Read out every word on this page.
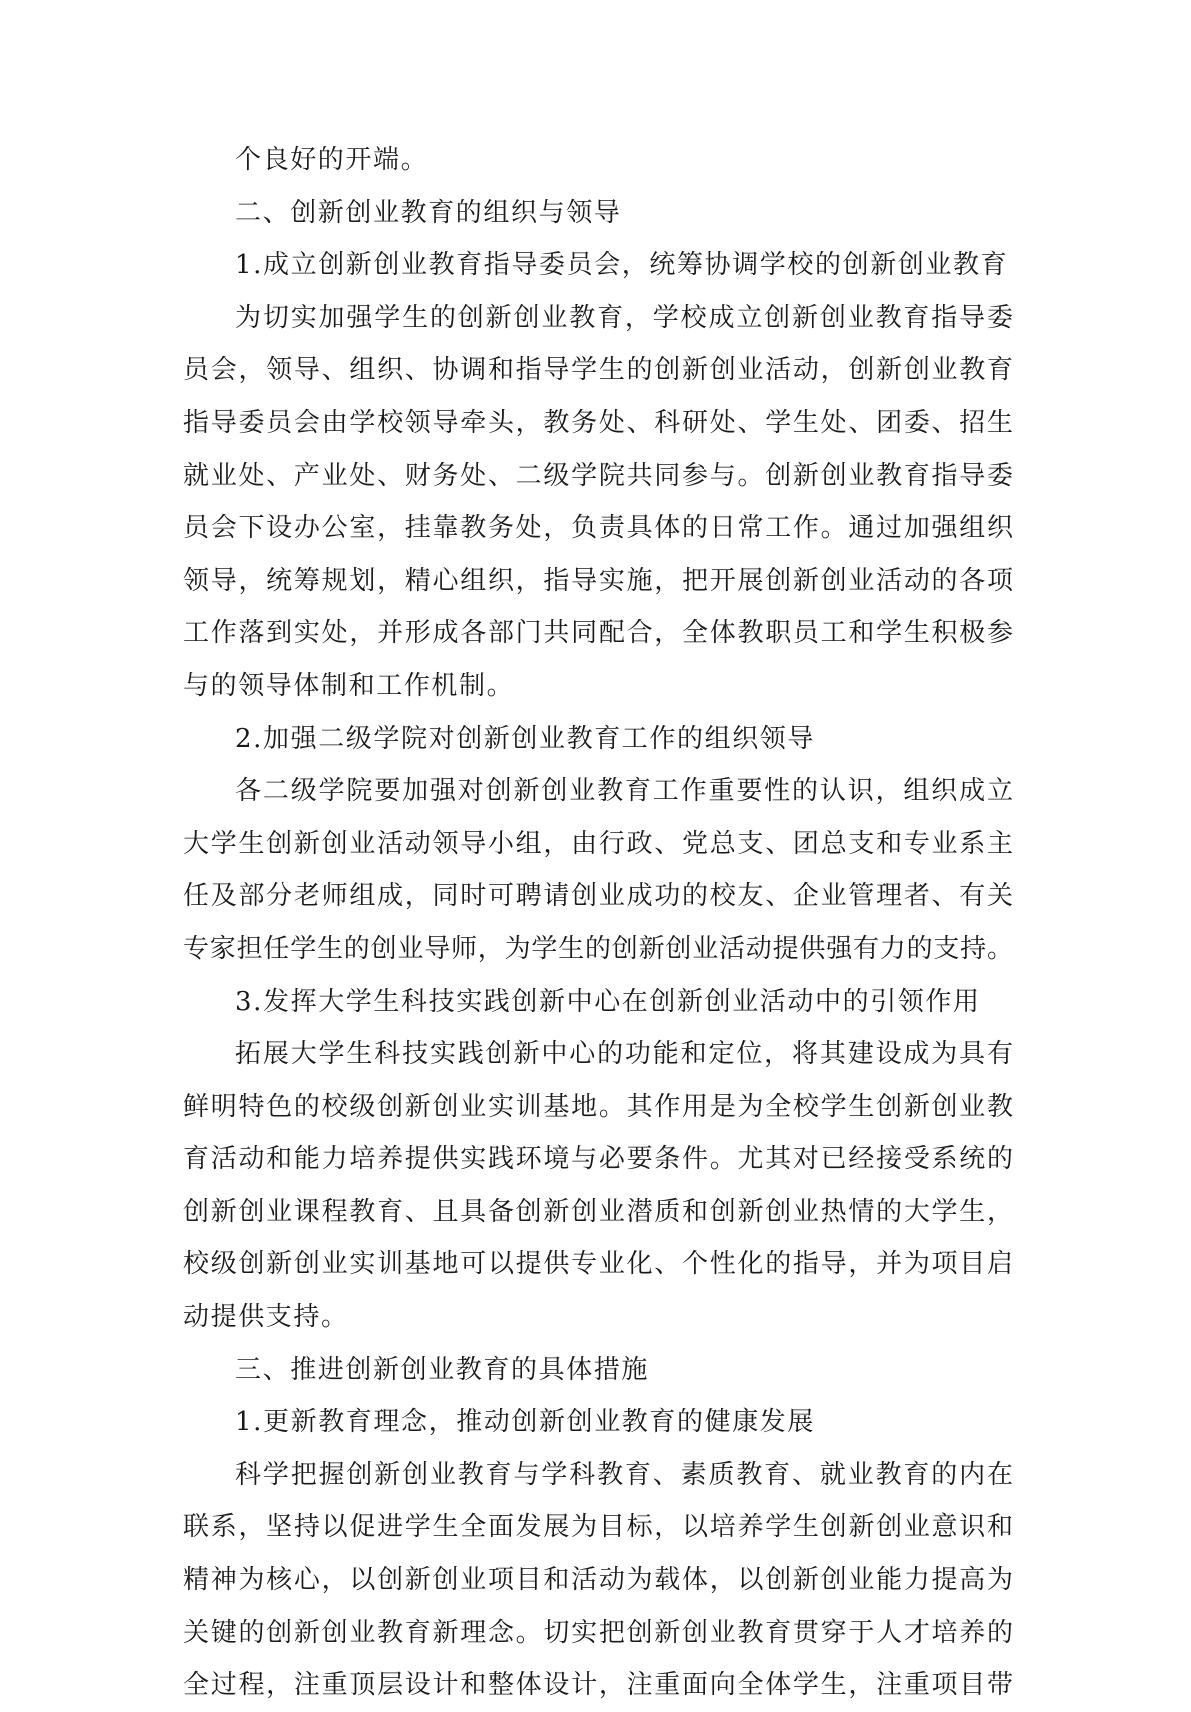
个良好的开端。
二、创新创业教育的组织与领导
1.成立创新创业教育指导委员会，统筹协调学校的创新创业教育
为切实加强学生的创新创业教育，学校成立创新创业教育指导委
员会，领导、组织、协调和指导学生的创新创业活动，创新创业教育
指导委员会由学校领导牵头，教务处、科研处、学生处、团委、招生
就业处、产业处、财务处、二级学院共同参与。创新创业教育指导委
员会下设办公室，挂靠教务处，负责具体的日常工作。通过加强组织
领导，统筹规划，精心组织，指导实施，把开展创新创业活动的各项
工作落到实处，并形成各部门共同配合，全体教职员工和学生积极参
与的领导体制和工作机制。
2.加强二级学院对创新创业教育工作的组织领导
各二级学院要加强对创新创业教育工作重要性的认识，组织成立
大学生创新创业活动领导小组，由行政、党总支、团总支和专业系主
任及部分老师组成，同时可聘请创业成功的校友、企业管理者、有关
专家担任学生的创业导师，为学生的创新创业活动提供强有力的支持。
3.发挥大学生科技实践创新中心在创新创业活动中的引领作用
拓展大学生科技实践创新中心的功能和定位，将其建设成为具有
鲜明特色的校级创新创业实训基地。其作用是为全校学生创新创业教
育活动和能力培养提供实践环境与必要条件。尤其对已经接受系统的
创新创业课程教育、且具备创新创业潜质和创新创业热情的大学生，
校级创新创业实训基地可以提供专业化、个性化的指导，并为项目启
动提供支持。
三、推进创新创业教育的具体措施
1.更新教育理念，推动创新创业教育的健康发展
科学把握创新创业教育与学科教育、素质教育、就业教育的内在
联系，坚持以促进学生全面发展为目标，以培养学生创新创业意识和
精神为核心，以创新创业项目和活动为载体，以创新创业能力提高为
关键的创新创业教育新理念。切实把创新创业教育贯穿于人才培养的
全过程，注重顶层设计和整体设计，注重面向全体学生，注重项目带
